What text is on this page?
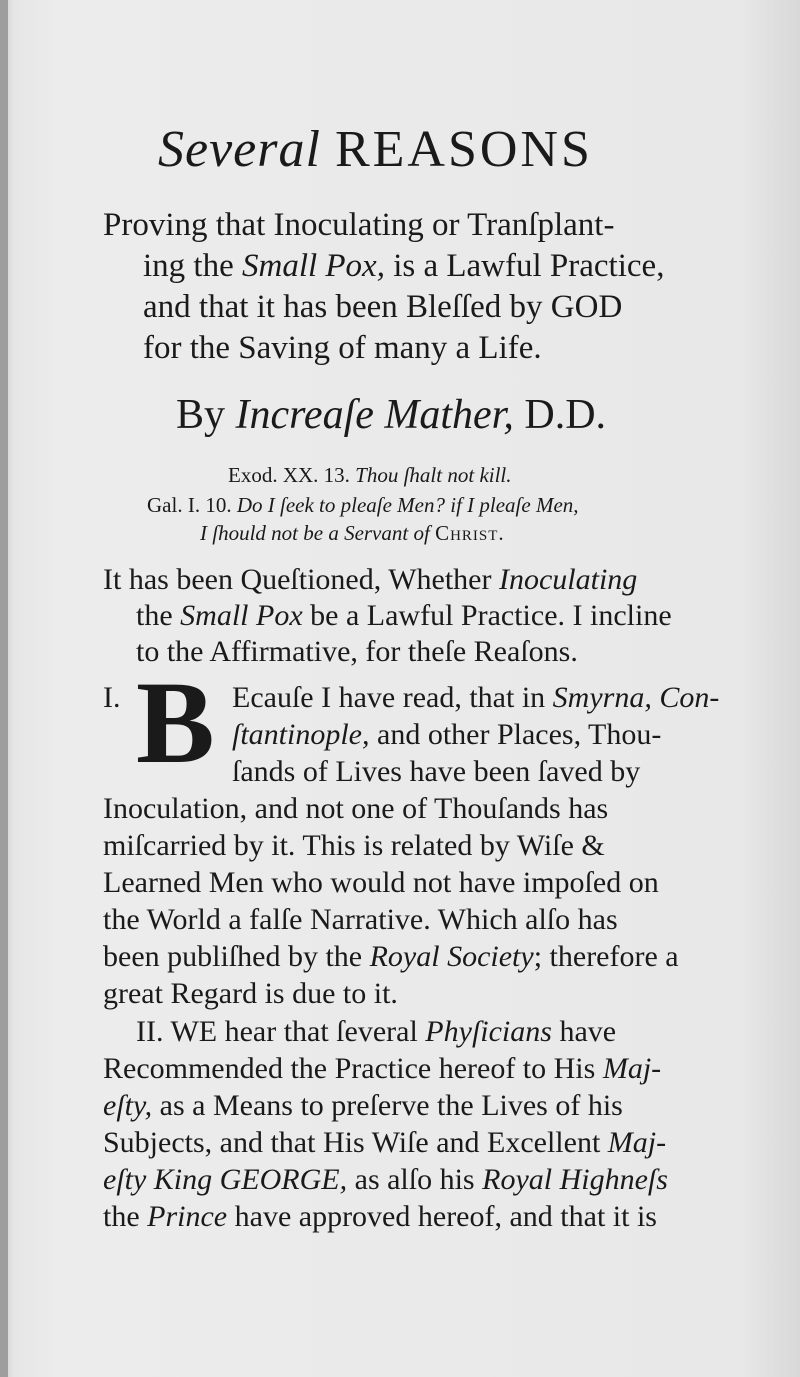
Several REASONS
Proving that Inoculating or Tranſplant-
ing the Small Pox, is a Lawful Practice,
and that it has been Bleſſed by GOD
for the Saving of many a Life.
By Increaſe Mather, D.D.
Exod. XX. 13. Thou ſhalt not kill.
Gal. I. 10. Do I ſeek to pleaſe Men? if I pleaſe Men,
I ſhould not be a Servant of Christ.
It has been Queſtioned, Whether Inoculating
the Small Pox be a Lawful Practice. I incline
to the Affirmative, for theſe Reaſons.
I. B Ecauſe I have read, that in Smyrna, Con-
ſtantinople, and other Places, Thou-
ſands of Lives have been ſaved by
Inoculation, and not one of Thouſands has
miſcarried by it. This is related by Wiſe &
Learned Men who would not have impoſed on
the World a falſe Narrative. Which alſo has
been publiſhed by the Royal Society; therefore a
great Regard is due to it.
II. WE hear that ſeveral Phyſicians have
Recommended the Practice hereof to His Maj-
eſty, as a Means to preſerve the Lives of his
Subjects, and that His Wiſe and Excellent Maj-
eſty King GEORGE, as alſo his Royal Highneſs
the Prince have approved hereof, and that it is
